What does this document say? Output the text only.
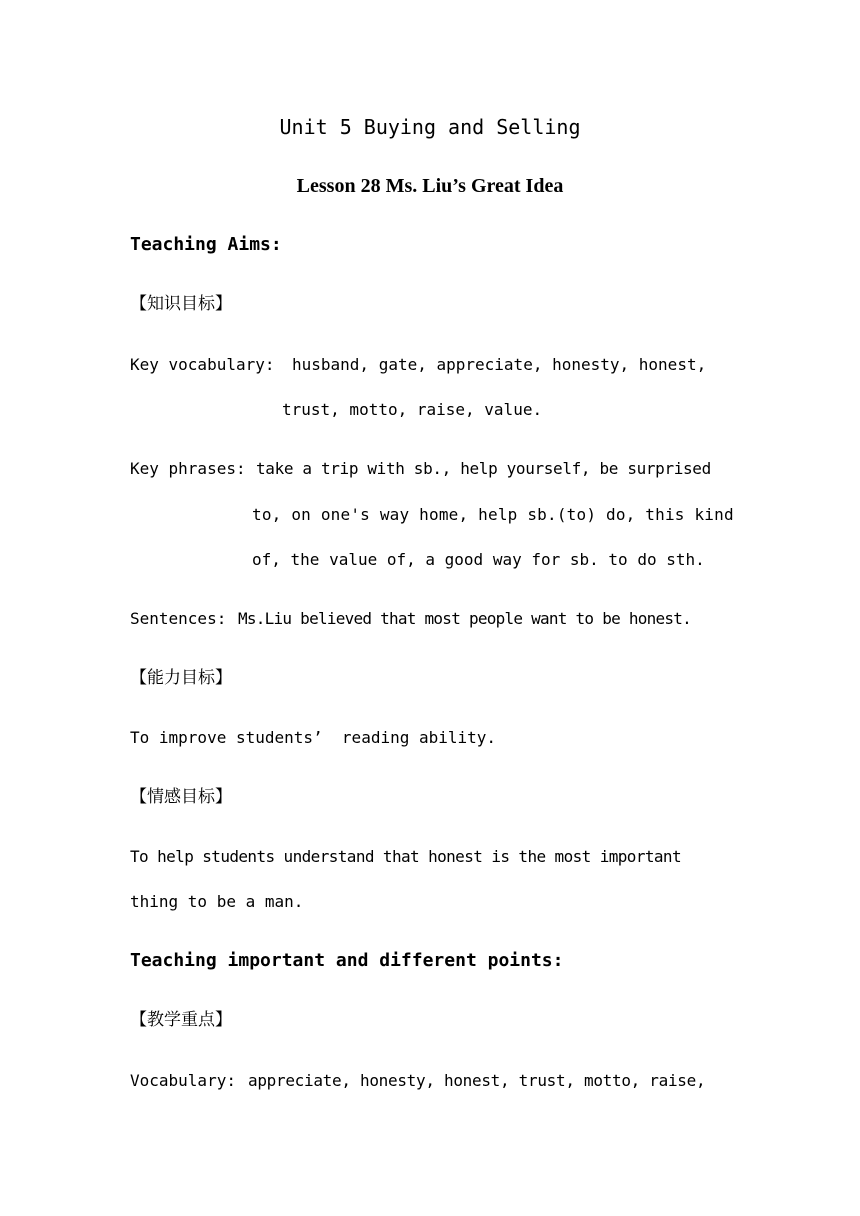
Unit 5 Buying and Selling
Lesson 28 Ms. Liu’s Great Idea
Teaching Aims:
【知识目标】
Key vocabulary: husband, gate, appreciate, honesty, honest,
trust, motto, raise, value.
Key phrases: take a trip with sb., help yourself, be surprised
to, on one's way home, help sb.(to) do, this kind
of, the value of, a good way for sb. to do sth.
Sentences: Ms.Liu believed that most people want to be honest.
【能力目标】
To improve students’  reading ability.
【情感目标】
To help students understand that honest is the most important
thing to be a man.
Teaching important and different points:
【教学重点】
Vocabulary: appreciate, honesty, honest, trust, motto, raise,
